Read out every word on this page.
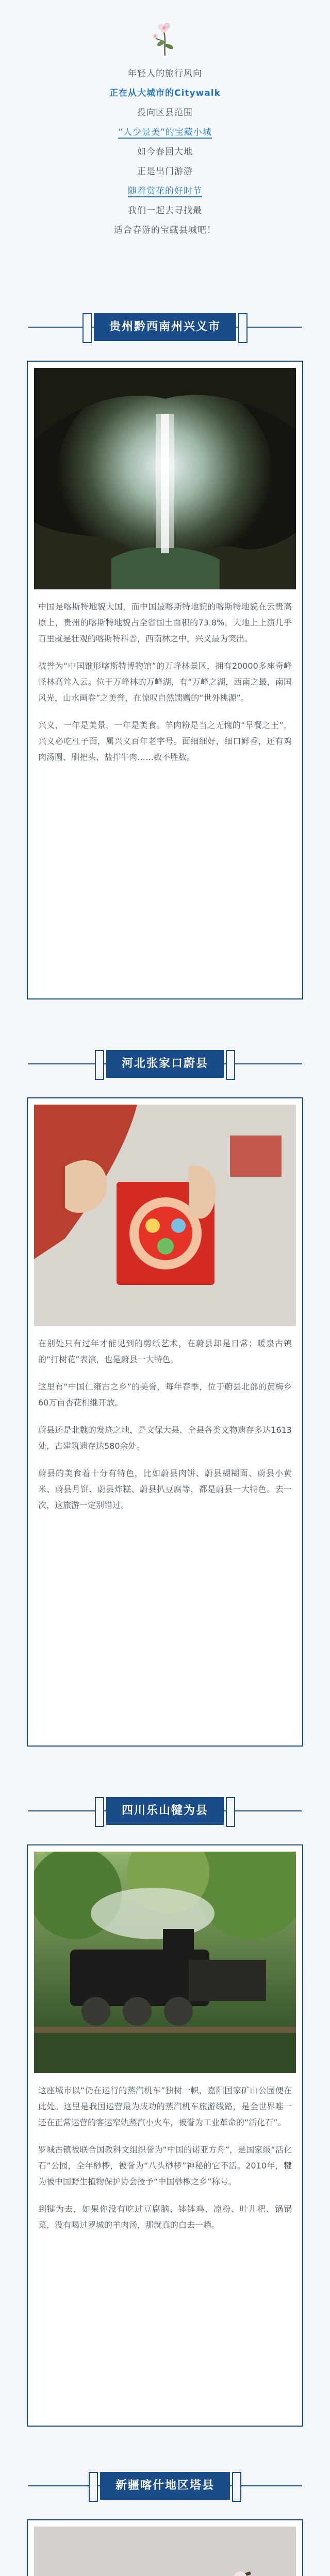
年轻人的旅行风向
正在从大城市的Citywalk
投向区县范围
“人少景美”的宝藏小城
如今春回大地
正是出门游游
随着赏花的好时节
我们一起去寻找最
适合春游的宝藏县城吧！
贵州黔西南州兴义市

中国是喀斯特地貌大国，而中国最喀斯特地貌的喀斯特地貌在云贵高原上，贵州的喀斯特地貌占全省国土面积的73.8%，大地上上演几乎百里就是壮观的喀斯特科普，西南林之中，兴义最为突出。

被誉为“中国锥形喀斯特博物馆”的万峰林景区，拥有20000多座奇峰怪林高耸入云。位于万峰林的万峰湖，有“万峰之湖，西南之最，南国风光，山水画卷”之美誉，在惊叹自然馈赠的“世外桃源”。

兴义，一年是美景，一年是美食。羊肉粉是当之无愧的“早餐之王”，兴义必吃杠子面，属兴义百年老字号。面细细好，细口鲜香，还有鸡肉汤圆、刷把头、盐拌牛肉……数不胜数。

河北张家口蔚县

在别处只有过年才能见到的剪纸艺术，在蔚县却是日常；暖泉古镇的“打树花”表演，也是蔚县一大特色。

这里有“中国仁雍古之乡”的美誉，每年春季，位于蔚县北部的黄梅乡60万亩杏花相继开放。

蔚县还是北魏的发迹之地，是文保大县，全县各类文物遗存多达1613处，古建筑遗存达580余处。

蔚县的美食着十分有特色，比如蔚县肉饼、蔚县糊糊面、蔚县小黄米、蔚县月饼、蔚县炸糕、蔚县扒豆腐等，都是蔚县一大特色。去一次，这旅游一定别错过。

四川乐山犍为县

这座城市以“仍在运行的蒸汽机车”独树一帜，嘉阳国家矿山公园便在此处。这里是我国运营最为成功的蒸汽机车旅游线路，是全世界唯一还在正常运营的客运窄轨蒸汽小火车，被誉为工业革命的“活化石”。

罗城古镇被联合国教科文组织誉为“中国的诺亚方舟”，是国家级“活化石”公园，全年桫椤，被誉为“八头桫椤”神秘的它不活。2010年，犍为被中国野生植物保护协会授予“中国桫椤之乡”称号。

到犍为去，如果你没有吃过豆腐脑、钵钵鸡、凉粉、叶儿粑、锅锅菜，没有喝过罗城的羊肉汤，那就真的白去一趟。

新疆喀什地区塔县
